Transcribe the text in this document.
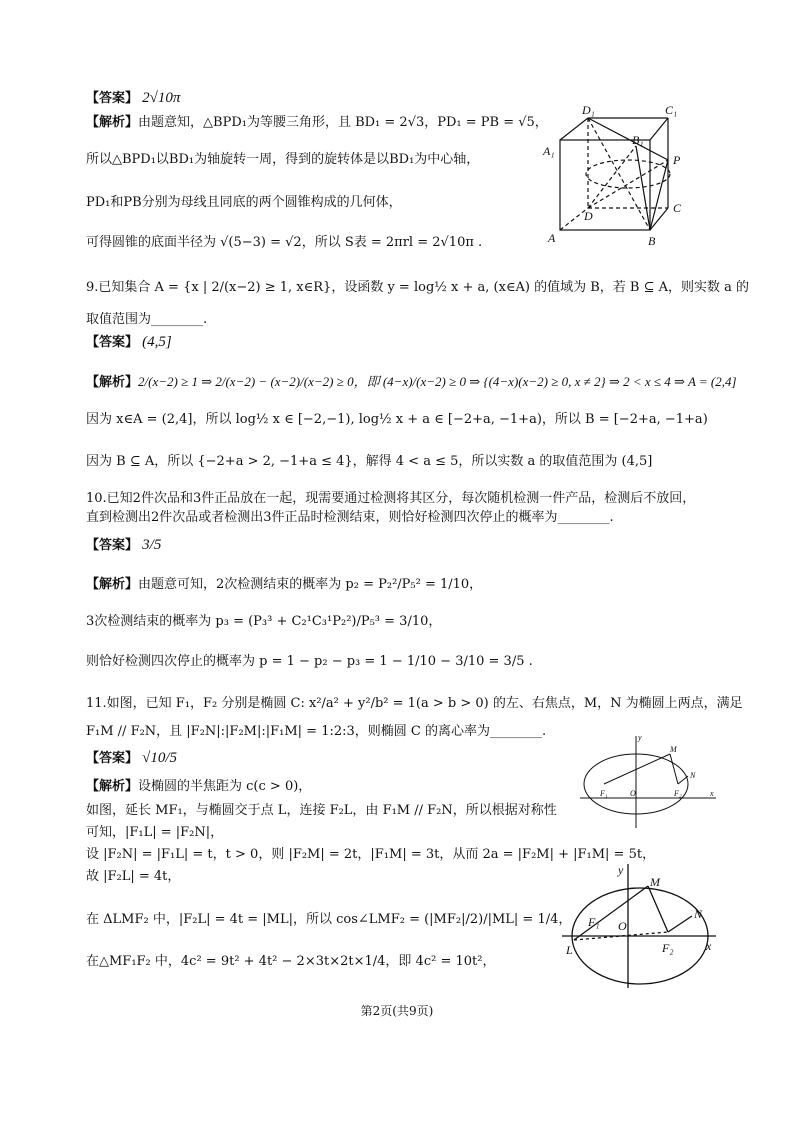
【答案】 2√10π
【解析】由题意知，△BPD₁为等腰三角形，且 BD₁ = 2√3，PD₁ = PB = √5，
所以△BPD₁以BD₁为轴旋转一周，得到的旋转体是以BD₁为中心轴，
PD₁和PB分别为母线且同底的两个圆锥构成的几何体，
可得圆锥的底面半径为 √(5−3) = √2，所以 S表 = 2πrl = 2√10π .
D₁	C₁
B₁
A₁
P
D
C
A	B
9.已知集合 A = {x | 2/(x−2) ≥ 1, x∈R}，设函数 y = log½ x + a, (x∈A) 的值域为 B，若 B ⊆ A，则实数 a 的
取值范围为________.
【答案】 (4,5]
【解析】2/(x−2) ≥ 1 ⇒ 2/(x−2) − (x−2)/(x−2) ≥ 0，即 (4−x)/(x−2) ≥ 0 ⇒ {(4−x)(x−2) ≥ 0, x ≠ 2} ⇒ 2 < x ≤ 4 ⇒ A = (2,4]
因为 x∈A = (2,4]，所以 log½ x ∈ [−2,−1), log½ x + a ∈ [−2+a, −1+a)，所以 B = [−2+a, −1+a)
因为 B ⊆ A，所以 {−2+a > 2, −1+a ≤ 4}，解得 4 < a ≤ 5，所以实数 a 的取值范围为 (4,5]
10.已知2件次品和3件正品放在一起，现需要通过检测将其区分，每次随机检测一件产品，检测后不放回，
直到检测出2件次品或者检测出3件正品时检测结束，则恰好检测四次停止的概率为________.
【答案】 3/5
【解析】由题意可知，2次检测结束的概率为 p₂ = P₂²/P₅² = 1/10，
3次检测结束的概率为 p₃ = (P₃³ + C₂¹C₃¹P₂²)/P₅³ = 3/10，
则恰好检测四次停止的概率为 p = 1 − p₂ − p₃ = 1 − 1/10 − 3/10 = 3/5 .
11.如图，已知 F₁，F₂ 分别是椭圆 C: x²/a² + y²/b² = 1(a > b > 0) 的左、右焦点，M，N 为椭圆上两点，满足
F₁M // F₂N，且 |F₂N|:|F₂M|:|F₁M| = 1:2:3，则椭圆 C 的离心率为________.
【答案】 √10/5
【解析】设椭圆的半焦距为 c(c > 0)，
如图，延长 MF₁，与椭圆交于点 L，连接 F₂L，由 F₁M // F₂N，所以根据对称性
可知，|F₁L| = |F₂N|，
设 |F₂N| = |F₁L| = t，t > 0，则 |F₂M| = 2t，|F₁M| = 3t，从而 2a = |F₂M| + |F₁M| = 5t，
故 |F₂L| = 4t，
在 ΔLMF₂ 中，|F₂L| = 4t = |ML|，所以 cos∠LMF₂ = (|MF₂|/2)/|ML| = 1/4，
在△MF₁F₂ 中，4c² = 9t² + 4t² − 2×3t×2t×1/4，即 4c² = 10t²，
y
M
N
F₁	O	F₂	x
y
M
N
F₁ O
F₂	x
L
第2页(共9页)
